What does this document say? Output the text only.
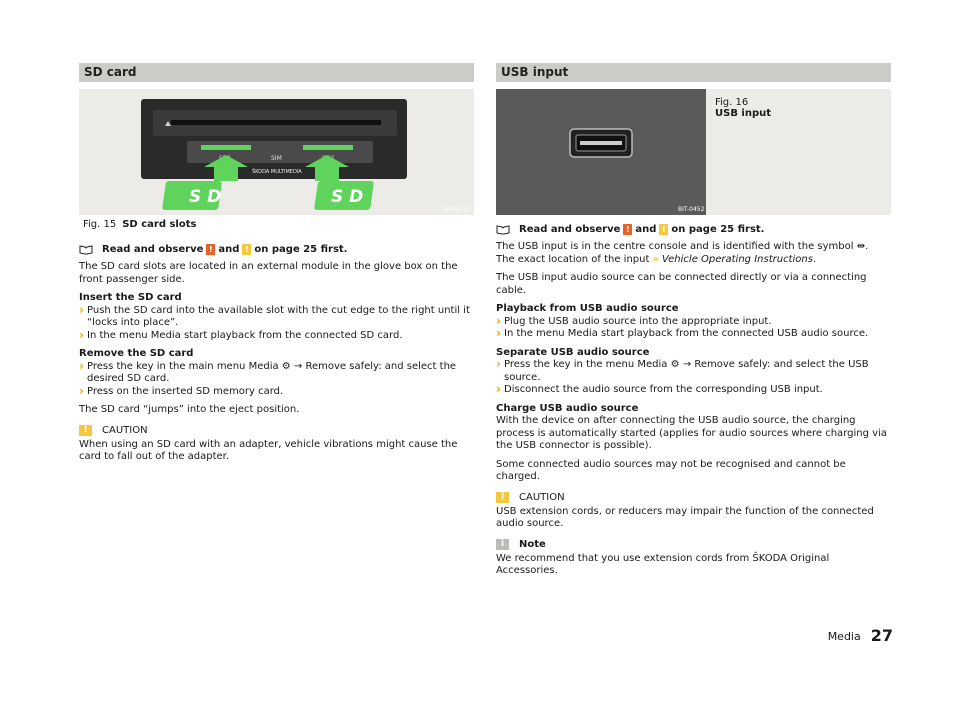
SD card
SIM
ŠKODA MULTIMEDIA
S D	S D
BIT-0413
Fig. 15 SD card slots
Read and observe ! and ! on page 25 first.

The SD card slots are located in an external module in the glove box on the front passenger side.

Insert the SD card

› Push the SD card into the available slot with the cut edge to the right until it “locks into place”.

› In the menu Media start playback from the connected SD card.

Remove the SD card

› Press the key in the main menu Media ⚙ → Remove safely: and select the desired SD card.

› Press on the inserted SD memory card.

The SD card “jumps” into the eject position.

!	CAUTION

When using an SD card with an adapter, vehicle vibrations might cause the card to fall out of the adapter.

USB input
BIT-0452
Fig. 16
USB input
Read and observe ! and ! on page 25 first.

The USB input is in the centre console and is identified with the symbol ⇹.

The exact location of the input » Vehicle Operating Instructions.

The USB input audio source can be connected directly or via a connecting cable.

Playback from USB audio source

› Plug the USB audio source into the appropriate input.

› In the menu Media start playback from the connected USB audio source.

Separate USB audio source

› Press the key in the menu Media ⚙ → Remove safely: and select the USB source.

› Disconnect the audio source from the corresponding USB input.

Charge USB audio source

With the device on after connecting the USB audio source, the charging process is automatically started (applies for audio sources where charging via the USB connector is possible).

Some connected audio sources may not be recognised and cannot be charged.

!	CAUTION

USB extension cords, or reducers may impair the function of the connected audio source.

i	Note

We recommend that you use extension cords from ŠKODA Original Accessories.

Media 27
